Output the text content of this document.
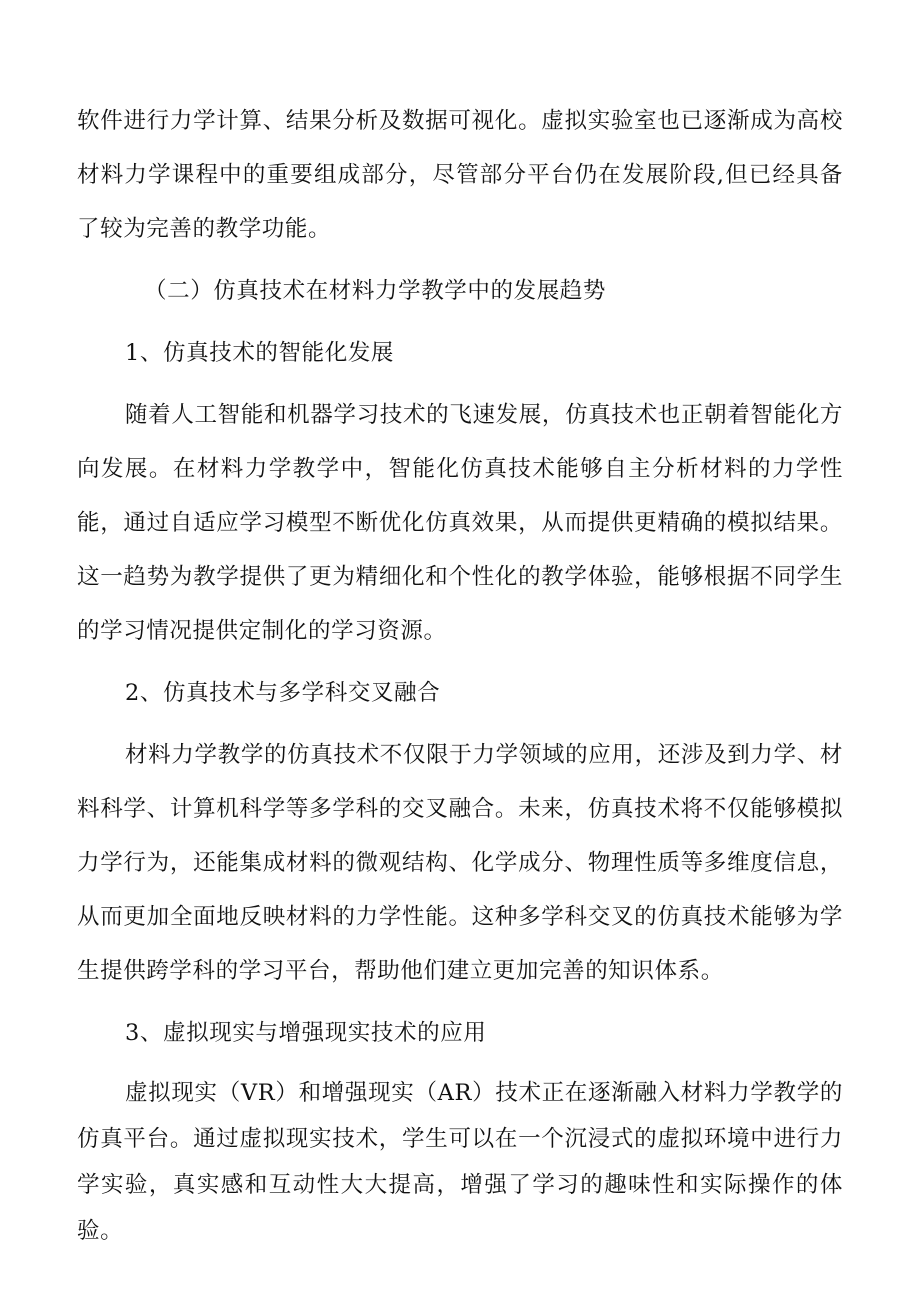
软件进行力学计算、结果分析及数据可视化。虚拟实验室也已逐渐成为高校材料力学课程中的重要组成部分，尽管部分平台仍在发展阶段,但已经具备了较为完善的教学功能。

（二）仿真技术在材料力学教学中的发展趋势

1、仿真技术的智能化发展

随着人工智能和机器学习技术的飞速发展，仿真技术也正朝着智能化方向发展。在材料力学教学中，智能化仿真技术能够自主分析材料的力学性能，通过自适应学习模型不断优化仿真效果，从而提供更精确的模拟结果。这一趋势为教学提供了更为精细化和个性化的教学体验，能够根据不同学生的学习情况提供定制化的学习资源。

2、仿真技术与多学科交叉融合

材料力学教学的仿真技术不仅限于力学领域的应用，还涉及到力学、材料科学、计算机科学等多学科的交叉融合。未来，仿真技术将不仅能够模拟力学行为，还能集成材料的微观结构、化学成分、物理性质等多维度信息，从而更加全面地反映材料的力学性能。这种多学科交叉的仿真技术能够为学生提供跨学科的学习平台，帮助他们建立更加完善的知识体系。

3、虚拟现实与增强现实技术的应用

虚拟现实（VR）和增强现实（AR）技术正在逐渐融入材料力学教学的仿真平台。通过虚拟现实技术，学生可以在一个沉浸式的虚拟环境中进行力学实验，真实感和互动性大大提高，增强了学习的趣味性和实际操作的体验。
